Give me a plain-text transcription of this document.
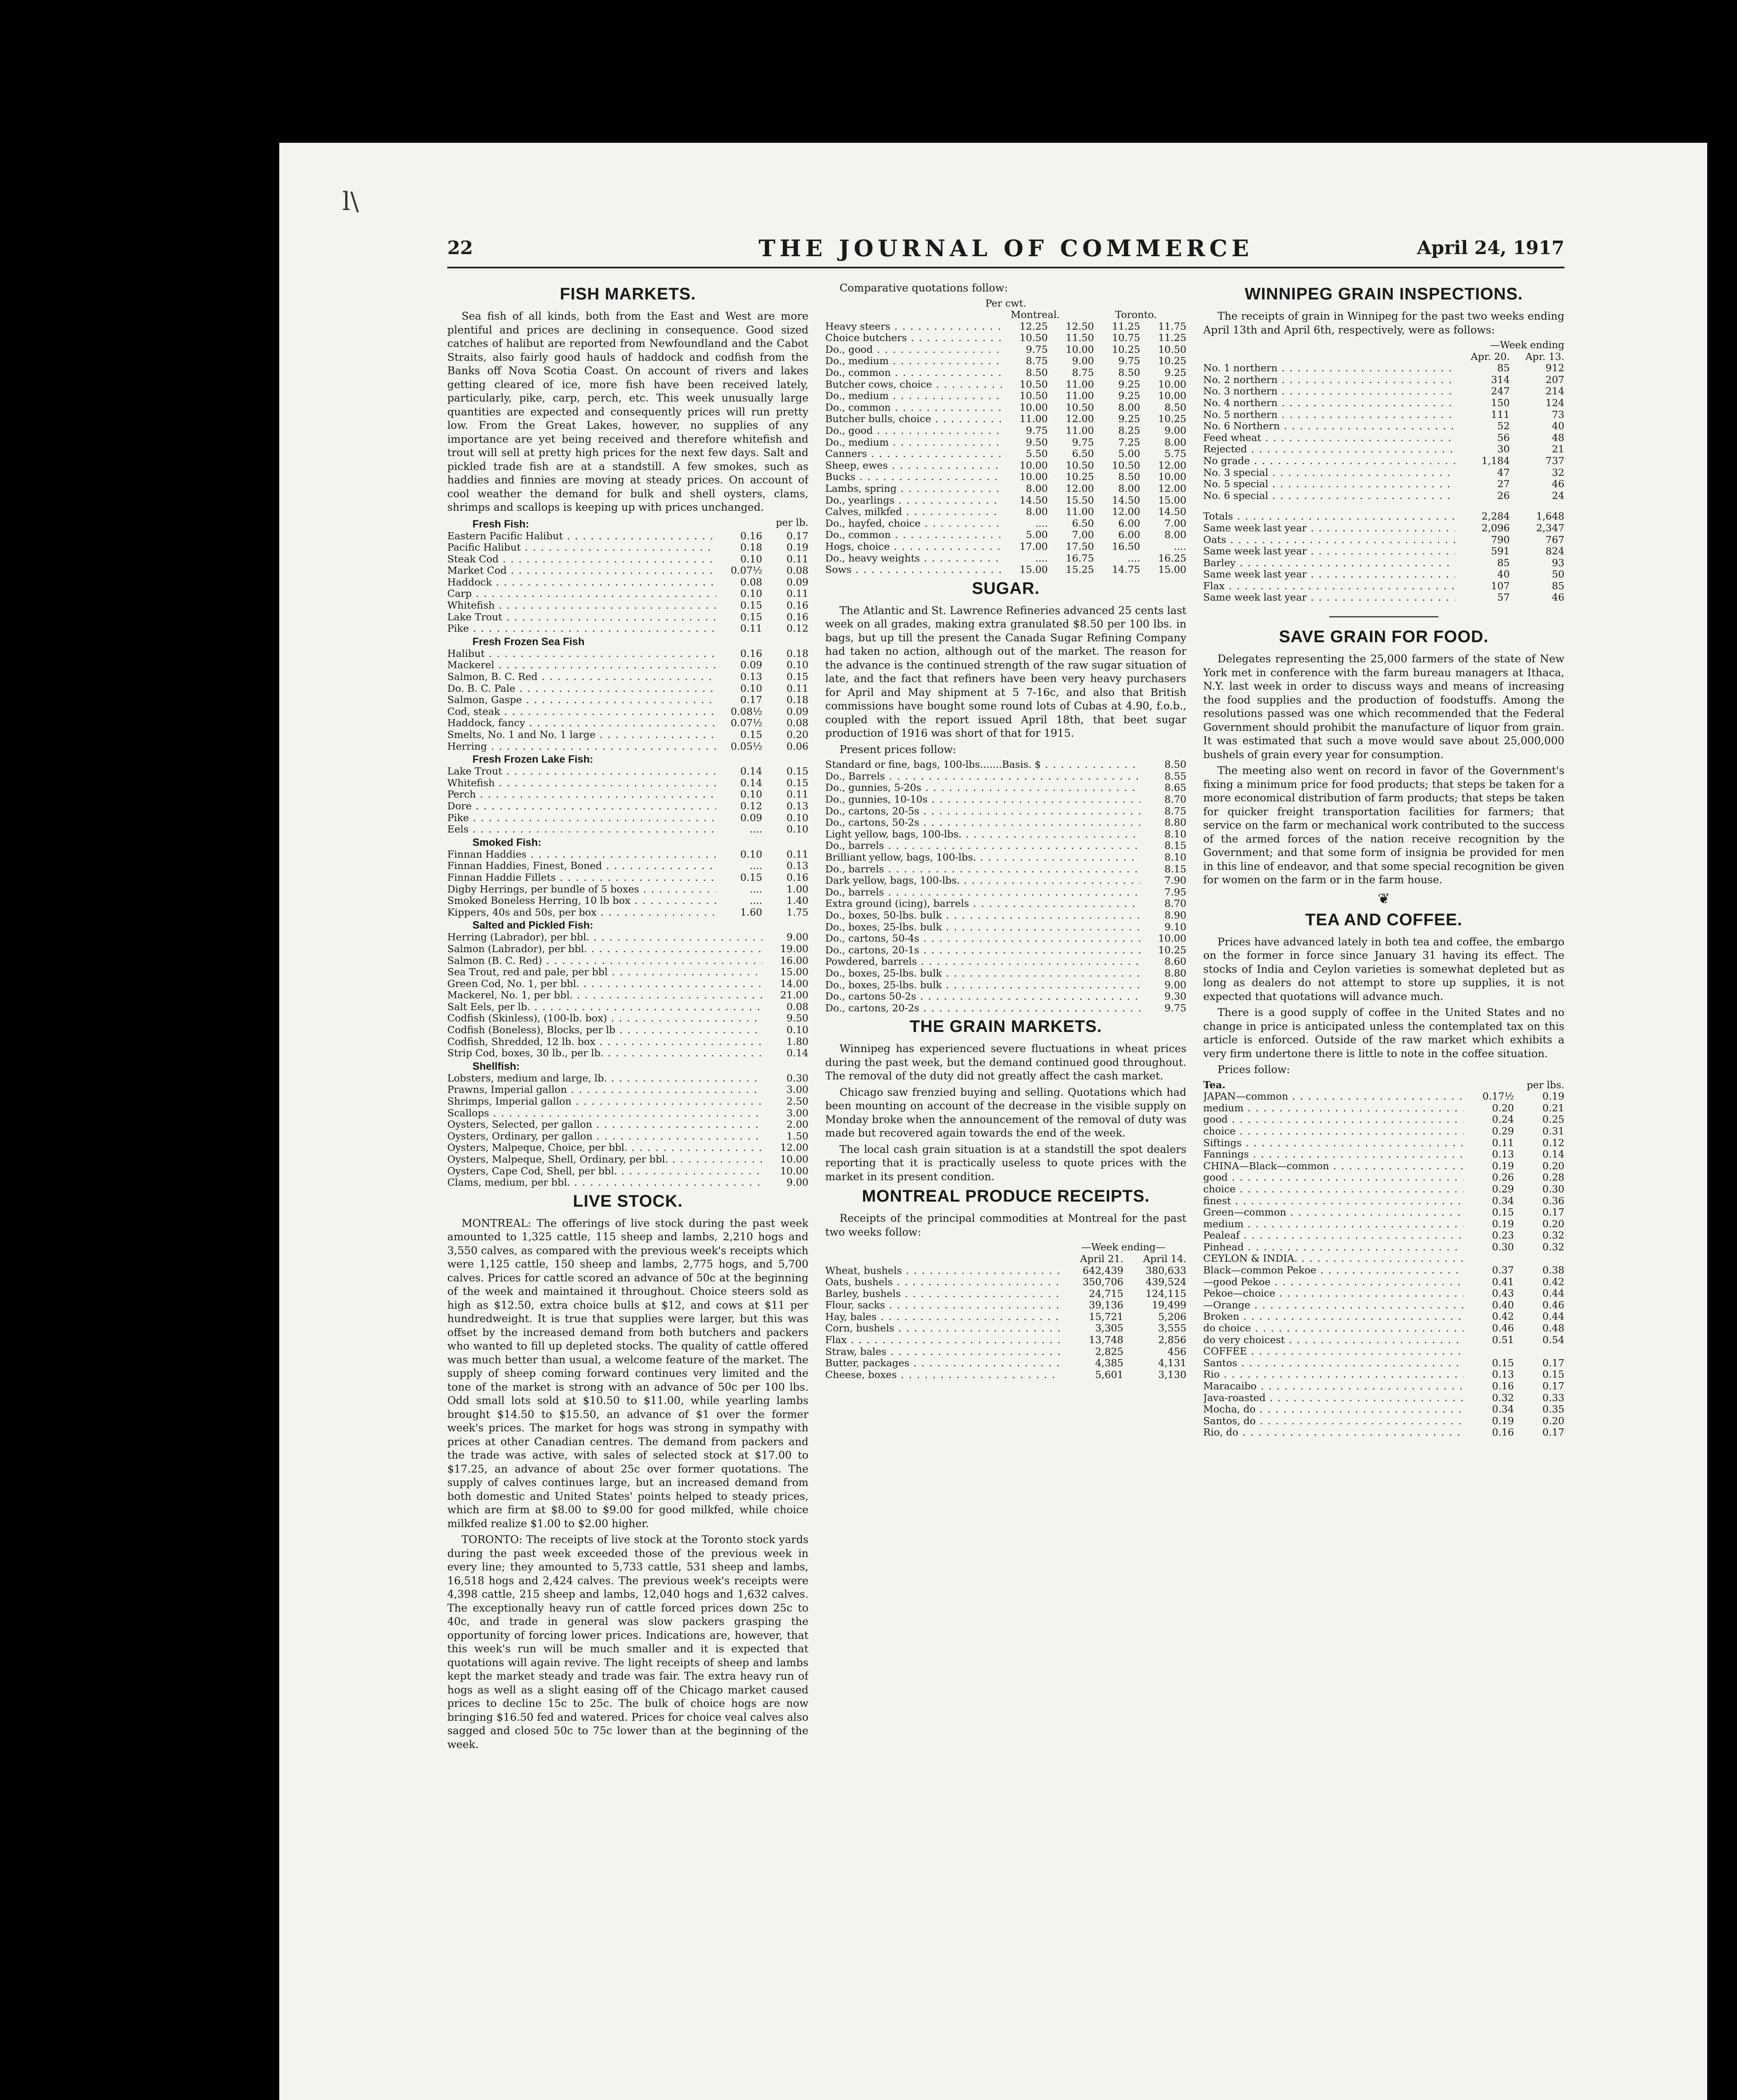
l\
22	THE JOURNAL OF COMMERCE	April 24, 1917
FISH MARKETS.

Sea fish of all kinds, both from the East and West are more plentiful and prices are declining in consequence. Good sized catches of halibut are reported from Newfoundland and the Cabot Straits, also fairly good hauls of haddock and codfish from the Banks off Nova Scotia Coast. On account of rivers and lakes getting cleared of ice, more fish have been received lately, particularly, pike, carp, perch, etc. This week unusually large quantities are expected and consequently prices will run pretty low. From the Great Lakes, however, no supplies of any importance are yet being received and therefore whitefish and trout will sell at pretty high prices for the next few days. Salt and pickled trade fish are at a standstill. A few smokes, such as haddies and finnies are moving at steady prices. On account of cool weather the demand for bulk and shell oysters, clams, shrimps and scallops is keeping up with prices unchanged.

Fresh Fish:	per lb.
Eastern Pacific Halibut . . .	0.16	0.17
Pacific Halibut . . .	0.18	0.19
Steak Cod . . .	0.10	0.11
Market Cod . . .	0.07½	0.08
Haddock . . .	0.08	0.09
Carp . . .	0.10	0.11
Whitefish . . .	0.15	0.16
Lake Trout . . .	0.15	0.16
Pike . . .	0.11	0.12
Fresh Frozen Sea Fish
Halibut . . .	0.16	0.18
Mackerel . . .	0.09	0.10
Salmon, B. C. Red . . .	0.13	0.15
Do. B. C. Pale . . .	0.10	0.11
Salmon, Gaspe . . .	0.17	0.18
Cod, steak . . .	0.08½	0.09
Haddock, fancy . . .	0.07½	0.08
Smelts, No. 1 and No. 1 large . . .	0.15	0.20
Herring . . .	0.05½	0.06
Fresh Frozen Lake Fish:
Lake Trout . . .	0.14	0.15
Whitefish . . .	0.14	0.15
Perch . . .	0.10	0.11
Dore . . .	0.12	0.13
Pike . . .	0.09	0.10
Eels . . .	....	0.10
Smoked Fish:
Finnan Haddies . . .	0.10	0.11
Finnan Haddies, Finest, Boned . . .	....	0.13
Finnan Haddie Fillets . . .	0.15	0.16
Digby Herrings, per bundle of 5 boxes . . .	....	1.00
Smoked Boneless Herring, 10 lb box . . .	....	1.40
Kippers, 40s and 50s, per box . . .	1.60	1.75
Salted and Pickled Fish:
Herring (Labrador), per bbl. . . .	9.00
Salmon (Labrador), per bbl. . . .	19.00
Salmon (B. C. Red) . . .	16.00
Sea Trout, red and pale, per bbl . . .	15.00
Green Cod, No. 1, per bbl. . . .	14.00
Mackerel, No. 1, per bbl. . . .	21.00
Salt Eels, per lb. . . .	0.08
Codfish (Skinless), (100-lb. box) . . .	9.50
Codfish (Boneless), Blocks, per lb . . .	0.10
Codfish, Shredded, 12 lb. box . . .	1.80
Strip Cod, boxes, 30 lb., per lb. . . .	0.14
Shellfish:
Lobsters, medium and large, lb. . . .	0.30
Prawns, Imperial gallon . . .	3.00
Shrimps, Imperial gallon . . .	2.50
Scallops . . .	3.00
Oysters, Selected, per gallon . . .	2.00
Oysters, Ordinary, per gallon . . .	1.50
Oysters, Malpeque, Choice, per bbl. . . .	12.00
Oysters, Malpeque, Shell, Ordinary, per bbl. . . .	10.00
Oysters, Cape Cod, Shell, per bbl. . . .	10.00
Clams, medium, per bbl. . . .	9.00
LIVE STOCK.

MONTREAL: The offerings of live stock during the past week amounted to 1,325 cattle, 115 sheep and lambs, 2,210 hogs and 3,550 calves, as compared with the previous week's receipts which were 1,125 cattle, 150 sheep and lambs, 2,775 hogs, and 5,700 calves. Prices for cattle scored an advance of 50c at the beginning of the week and maintained it throughout. Choice steers sold as high as $12.50, extra choice bulls at $12, and cows at $11 per hundredweight. It is true that supplies were larger, but this was offset by the increased demand from both butchers and packers who wanted to fill up depleted stocks. The quality of cattle offered was much better than usual, a welcome feature of the market. The supply of sheep coming forward continues very limited and the tone of the market is strong with an advance of 50c per 100 lbs. Odd small lots sold at $10.50 to $11.00, while yearling lambs brought $14.50 to $15.50, an advance of $1 over the former week's prices. The market for hogs was strong in sympathy with prices at other Canadian centres. The demand from packers and the trade was active, with sales of selected stock at $17.00 to $17.25, an advance of about 25c over former quotations. The supply of calves continues large, but an increased demand from both domestic and United States' points helped to steady prices, which are firm at $8.00 to $9.00 for good milkfed, while choice milkfed realize $1.00 to $2.00 higher.

TORONTO: The receipts of live stock at the Toronto stock yards during the past week exceeded those of the previous week in every line; they amounted to 5,733 cattle, 531 sheep and lambs, 16,518 hogs and 2,424 calves. The previous week's receipts were 4,398 cattle, 215 sheep and lambs, 12,040 hogs and 1,632 calves. The exceptionally heavy run of cattle forced prices down 25c to 40c, and trade in general was slow packers grasping the opportunity of forcing lower prices. Indications are, however, that this week's run will be much smaller and it is expected that quotations will again revive. The light receipts of sheep and lambs kept the market steady and trade was fair. The extra heavy run of hogs as well as a slight easing off of the Chicago market caused prices to decline 15c to 25c. The bulk of choice hogs are now bringing $16.50 fed and watered. Prices for choice veal calves also sagged and closed 50c to 75c lower than at the beginning of the week.

Comparative quotations follow:

Per cwt.
Montreal.	Toronto.
Heavy steers . . .	12.25	12.50	11.25	11.75
Choice butchers . . .	10.50	11.50	10.75	11.25
Do., good . . .	9.75	10.00	10.25	10.50
Do., medium . . .	8.75	9.00	9.75	10.25
Do., common . . .	8.50	8.75	8.50	9.25
Butcher cows, choice . . .	10.50	11.00	9.25	10.00
Do., medium . . .	10.50	11.00	9.25	10.00
Do., common . . .	10.00	10.50	8.00	8.50
Butcher bulls, choice . . .	11.00	12.00	9.25	10.25
Do., good . . .	9.75	11.00	8.25	9.00
Do., medium . . .	9.50	9.75	7.25	8.00
Canners . . .	5.50	6.50	5.00	5.75
Sheep, ewes . . .	10.00	10.50	10.50	12.00
Bucks . . .	10.00	10.25	8.50	10.00
Lambs, spring . . .	8.00	12.00	8.00	12.00
Do., yearlings . . .	14.50	15.50	14.50	15.00
Calves, milkfed . . .	8.00	11.00	12.00	14.50
Do., hayfed, choice . . .	....	6.50	6.00	7.00
Do., common . . .	5.00	7.00	6.00	8.00
Hogs, choice . . .	17.00	17.50	16.50	....
Do., heavy weights . . .	....	16.75	....	16.25
Sows . . .	15.00	15.25	14.75	15.00
SUGAR.

The Atlantic and St. Lawrence Refineries advanced 25 cents last week on all grades, making extra granulated $8.50 per 100 lbs. in bags, but up till the present the Canada Sugar Refining Company had taken no action, although out of the market. The reason for the advance is the continued strength of the raw sugar situation of late, and the fact that refiners have been very heavy purchasers for April and May shipment at 5 7-16c, and also that British commissions have bought some round lots of Cubas at 4.90, f.o.b., coupled with the report issued April 18th, that beet sugar production of 1916 was short of that for 1915.

Present prices follow:

Standard or fine, bags, 100-lbs.......Basis. $ . . .	8.50
Do., Barrels . . .	8.55
Do., gunnies, 5-20s . . .	8.65
Do., gunnies, 10-10s . . .	8.70
Do., cartons, 20-5s . . .	8.75
Do., cartons, 50-2s . . .	8.80
Light yellow, bags, 100-lbs. . . .	8.10
Do., barrels . . .	8.15
Brilliant yellow, bags, 100-lbs. . . .	8.10
Do., barrels . . .	8.15
Dark yellow, bags, 100-lbs. . . .	7.90
Do., barrels . . .	7.95
Extra ground (icing), barrels . . .	8.70
Do., boxes, 50-lbs. bulk . . .	8.90
Do., boxes, 25-lbs. bulk . . .	9.10
Do., cartons, 50-4s . . .	10.00
Do., cartons, 20-1s . . .	10.25
Powdered, barrels . . .	8.60
Do., boxes, 25-lbs. bulk . . .	8.80
Do., boxes, 25-lbs. bulk . . .	9.00
Do., cartons 50-2s . . .	9.30
Do., cartons, 20-2s . . .	9.75
THE GRAIN MARKETS.

Winnipeg has experienced severe fluctuations in wheat prices during the past week, but the demand continued good throughout. The removal of the duty did not greatly affect the cash market.

Chicago saw frenzied buying and selling. Quotations which had been mounting on account of the decrease in the visible supply on Monday broke when the announcement of the removal of duty was made but recovered again towards the end of the week.

The local cash grain situation is at a standstill the spot dealers reporting that it is practically useless to quote prices with the market in its present condition.

MONTREAL PRODUCE RECEIPTS.

Receipts of the principal commodities at Montreal for the past two weeks follow:

—Week ending—
April 21.	April 14.
Wheat, bushels . . .	642,439	380,633
Oats, bushels . . .	350,706	439,524
Barley, bushels . . .	24,715	124,115
Flour, sacks . . .	39,136	19,499
Hay, bales . . .	15,721	5,206
Corn, bushels . . .	3,305	3,555
Flax . . .	13,748	2,856
Straw, bales . . .	2,825	456
Butter, packages . . .	4,385	4,131
Cheese, boxes . . .	5,601	3,130
WINNIPEG GRAIN INSPECTIONS.

The receipts of grain in Winnipeg for the past two weeks ending April 13th and April 6th, respectively, were as follows:

—Week ending
Apr. 20.	Apr. 13.
No. 1 northern . . .	85	912
No. 2 northern . . .	314	207
No. 3 northern . . .	247	214
No. 4 northern . . .	150	124
No. 5 northern . . .	111	73
No. 6 Northern . . .	52	40
Feed wheat . . .	56	48
Rejected . . .	30	21
No grade . . .	1,184	737
No. 3 special . . .	47	32
No. 5 special . . .	27	46
No. 6 special . . .	26	24
Totals . . .	2,284	1,648
Same week last year . . .	2,096	2,347
Oats . . .	790	767
Same week last year . . .	591	824
Barley . . .	85	93
Same week last year . . .	40	50
Flax . . .	107	85
Same week last year . . .	57	46
SAVE GRAIN FOR FOOD.

Delegates representing the 25,000 farmers of the state of New York met in conference with the farm bureau managers at Ithaca, N.Y. last week in order to discuss ways and means of increasing the food supplies and the production of foodstuffs. Among the resolutions passed was one which recommended that the Federal Government should prohibit the manufacture of liquor from grain. It was estimated that such a move would save about 25,000,000 bushels of grain every year for consumption.

The meeting also went on record in favor of the Government's fixing a minimum price for food products; that steps be taken for a more economical distribution of farm products; that steps be taken for quicker freight transportation facilities for farmers; that service on the farm or mechanical work contributed to the success of the armed forces of the nation receive recognition by the Government; and that some form of insignia be provided for men in this line of endeavor, and that some special recognition be given for women on the farm or in the farm house.

❦
TEA AND COFFEE.

Prices have advanced lately in both tea and coffee, the embargo on the former in force since January 31 having its effect. The stocks of India and Ceylon varieties is somewhat depleted but as long as dealers do not attempt to store up supplies, it is not expected that quotations will advance much.

There is a good supply of coffee in the United States and no change in price is anticipated unless the contemplated tax on this article is enforced. Outside of the raw market which exhibits a very firm undertone there is little to note in the coffee situation.

Prices follow:

Tea.	per lbs.
JAPAN—common . . .	0.17½	0.19
medium . . .	0.20	0.21
good . . .	0.24	0.25
choice . . .	0.29	0.31
Siftings . . .	0.11	0.12
Fannings . . .	0.13	0.14
CHINA—Black—common . . .	0.19	0.20
good . . .	0.26	0.28
choice . . .	0.29	0.30
finest . . .	0.34	0.36
Green—common . . .	0.15	0.17
medium . . .	0.19	0.20
Pealeaf . . .	0.23	0.32
Pinhead . . .	0.30	0.32
CEYLON & INDIA. . . .
Black—common Pekoe . . .	0.37	0.38
—good Pekoe . . .	0.41	0.42
Pekoe—choice . . .	0.43	0.44
—Orange . . .	0.40	0.46
Broken . . .	0.42	0.44
do choice . . .	0.46	0.48
do very choicest . . .	0.51	0.54
COFFEE . . .
Santos . . .	0.15	0.17
Rio . . .	0.13	0.15
Maracaibo . . .	0.16	0.17
Java-roasted . . .	0.32	0.33
Mocha, do . . .	0.34	0.35
Santos, do . . .	0.19	0.20
Rio, do . . .	0.16	0.17
